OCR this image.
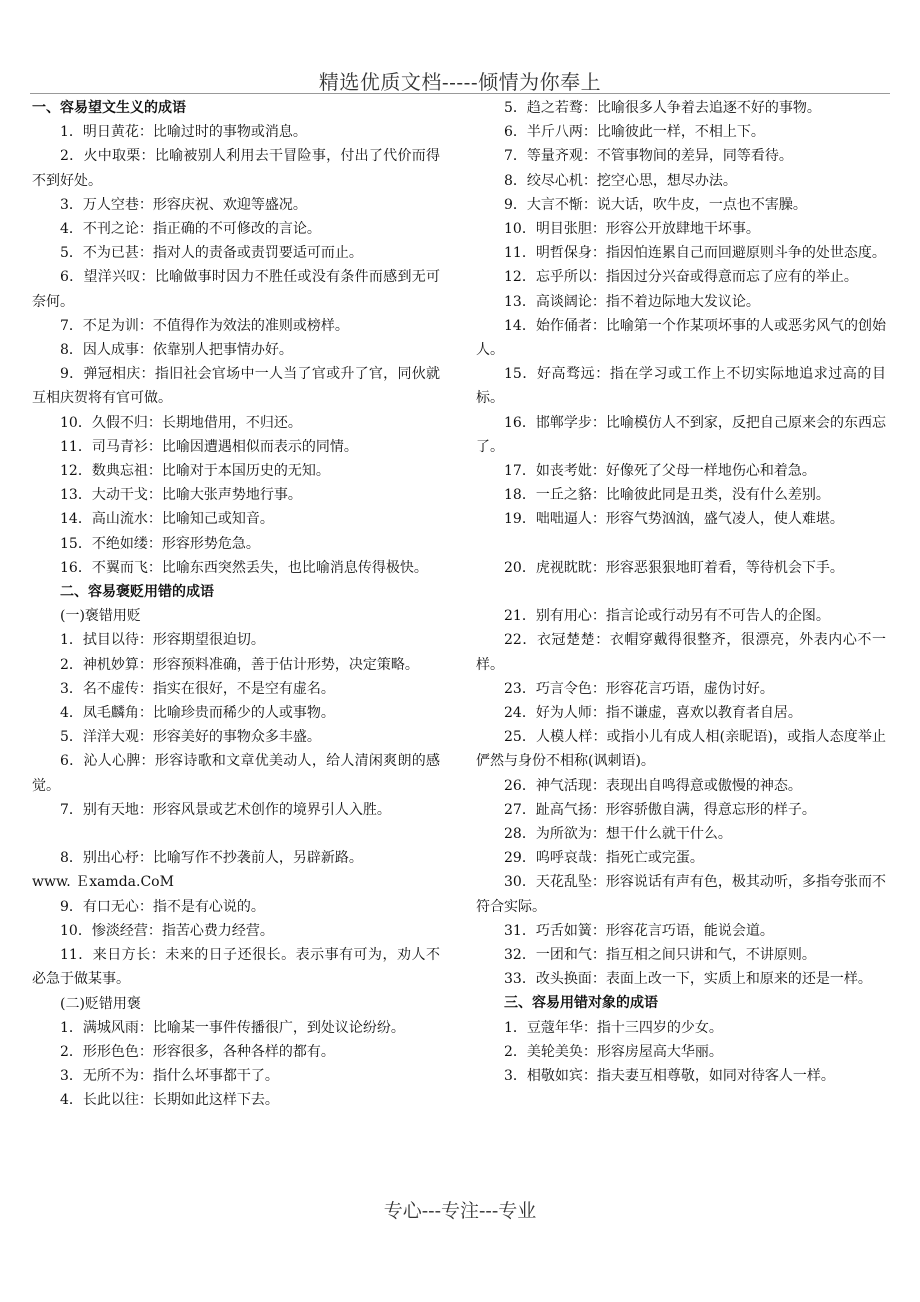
精选优质文档-----倾情为你奉上

一、容易望文生义的成语

1．明日黄花：比喻过时的事物或消息。

2．火中取栗：比喻被别人利用去干冒险事，付出了代价而得不到好处。

3．万人空巷：形容庆祝、欢迎等盛况。

4．不刊之论：指正确的不可修改的言论。

5．不为已甚：指对人的责备或责罚要适可而止。

6．望洋兴叹：比喻做事时因力不胜任或没有条件而感到无可奈何。

7．不足为训：不值得作为效法的准则或榜样。

8．因人成事：依靠别人把事情办好。

9．弹冠相庆：指旧社会官场中一人当了官或升了官，同伙就互相庆贺将有官可做。

10．久假不归：长期地借用，不归还。

11．司马青衫：比喻因遭遇相似而表示的同情。

12．数典忘祖：比喻对于本国历史的无知。

13．大动干戈：比喻大张声势地行事。

14．高山流水：比喻知己或知音。

15．不绝如缕：形容形势危急。

16．不翼而飞：比喻东西突然丢失，也比喻消息传得极快。

二、容易褒贬用错的成语

(一)褒错用贬

1．拭目以待：形容期望很迫切。

2．神机妙算：形容预料准确，善于估计形势，决定策略。

3．名不虚传：指实在很好，不是空有虚名。

4．凤毛麟角：比喻珍贵而稀少的人或事物。

5．洋洋大观：形容美好的事物众多丰盛。

6．沁人心脾：形容诗歌和文章优美动人，给人清闲爽朗的感觉。

7．别有天地：形容风景或艺术创作的境界引人入胜。

8．别出心杼：比喻写作不抄袭前人，另辟新路。

www. Ｅxamda.CoM

9．有口无心：指不是有心说的。

10．惨淡经营：指苦心费力经营。

11．来日方长：未来的日子还很长。表示事有可为，劝人不必急于做某事。

(二)贬错用褒

1．满城风雨：比喻某一事件传播很广，到处议论纷纷。

2．形形色色：形容很多，各种各样的都有。

3．无所不为：指什么坏事都干了。

4．长此以往：长期如此这样下去。

5．趋之若鹜：比喻很多人争着去追逐不好的事物。

6．半斤八两：比喻彼此一样，不相上下。

7．等量齐观：不管事物间的差异，同等看待。

8．绞尽心机：挖空心思，想尽办法。

9．大言不惭：说大话，吹牛皮，一点也不害臊。

10．明目张胆：形容公开放肆地干坏事。

11．明哲保身：指因怕连累自己而回避原则斗争的处世态度。

12．忘乎所以：指因过分兴奋或得意而忘了应有的举止。

13．高谈阔论：指不着边际地大发议论。

14．始作俑者：比喻第一个作某项坏事的人或恶劣风气的创始人。

15．好高骛远：指在学习或工作上不切实际地追求过高的目标。

16．邯郸学步：比喻模仿人不到家，反把自己原来会的东西忘了。

17．如丧考妣：好像死了父母一样地伤心和着急。

18．一丘之貉：比喻彼此同是丑类，没有什么差别。

19．咄咄逼人：形容气势汹汹，盛气凌人，使人难堪。

20．虎视眈眈：形容恶狠狠地盯着看，等待机会下手。

21．别有用心：指言论或行动另有不可告人的企图。

22．衣冠楚楚：衣帽穿戴得很整齐，很漂亮，外表内心不一样。

23．巧言令色：形容花言巧语，虚伪讨好。

24．好为人师：指不谦虚，喜欢以教育者自居。

25．人模人样：或指小儿有成人相(亲昵语)，或指人态度举止俨然与身份不相称(讽刺语)。

26．神气活现：表现出自鸣得意或傲慢的神态。

27．趾高气扬：形容骄傲自满，得意忘形的样子。

28．为所欲为：想干什么就干什么。

29．呜呼哀哉：指死亡或完蛋。

30．天花乱坠：形容说话有声有色，极其动听，多指夸张而不符合实际。

31．巧舌如簧：形容花言巧语，能说会道。

32．一团和气：指互相之间只讲和气，不讲原则。

33．改头换面：表面上改一下，实质上和原来的还是一样。

三、容易用错对象的成语

1．豆蔻年华：指十三四岁的少女。

2．美轮美奂：形容房屋高大华丽。

3．相敬如宾：指夫妻互相尊敬，如同对待客人一样。

专心---专注---专业
